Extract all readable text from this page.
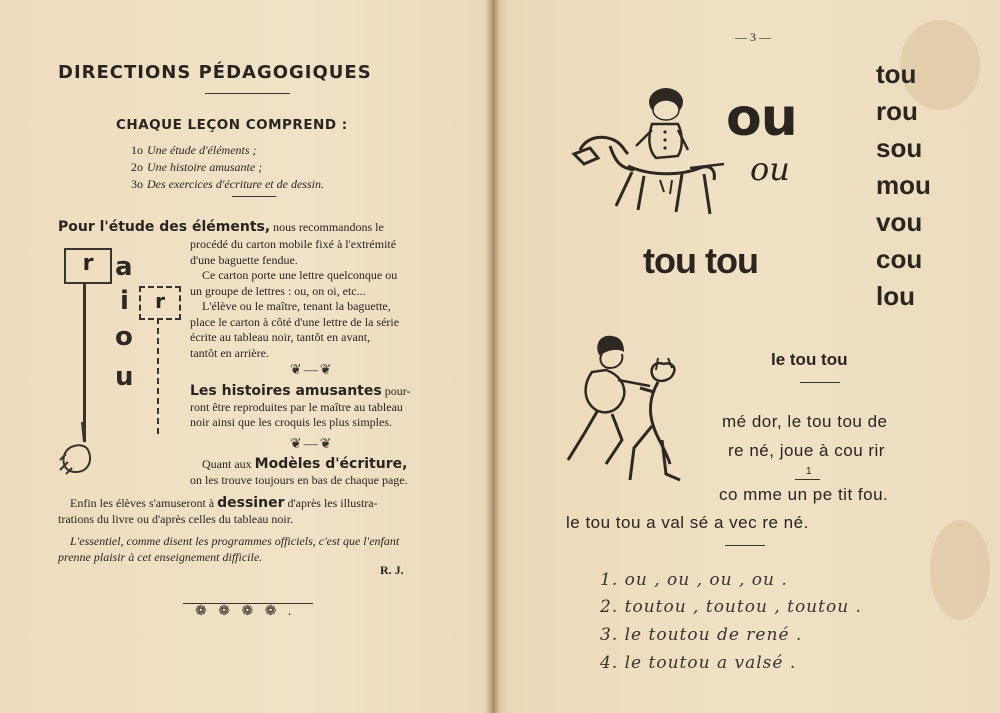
DIRECTIONS PÉDAGOGIQUES
CHAQUE LEÇON COMPREND :
1o Une étude d'éléments ;
2o Une histoire amusante ;
3o Des exercices d'écriture et de dessin.
Pour l'étude des éléments, nous recommandons le
procédé du carton mobile fixé à l'extrémité
d'une baguette fendue.
Ce carton porte une lettre quelconque ou
un groupe de lettres : ou, on oi, etc...
L'élève ou le maître, tenant la baguette,
place le carton à côté d'une lettre de la série
écrite au tableau noir, tantôt en avant,
tantôt en arrière.
r
r
a
i
o
u	❦—❦
Les histoires amusantes pour-
ront être reproduites par le maître au tableau
noir ainsi que les croquis les plus simples.
❦—❦
Quant aux Modèles d'écriture,
on les trouve toujours en bas de chaque page.
Enfin les élèves s'amuseront à dessiner d'après les illustra-
trations du livre ou d'après celles du tableau noir.
L'essentiel, comme disent les programmes officiels, c'est que l'enfant
prenne plaisir à cet enseignement difficile.
R. J.
❁ ❁ ❁ ❁ .
— 3 —
ou
ou
tou tou
tou
rou
sou
mou
vou
cou
lou
le tou tou
mé dor, le tou tou de
re né, joue à cou rir
1
co mme un pe tit fou.
le tou tou a val sé a vec re né.
1. ou , ou , ou , ou .
2. toutou , toutou , toutou .
3. le toutou de rené .
4. le toutou a valsé .
